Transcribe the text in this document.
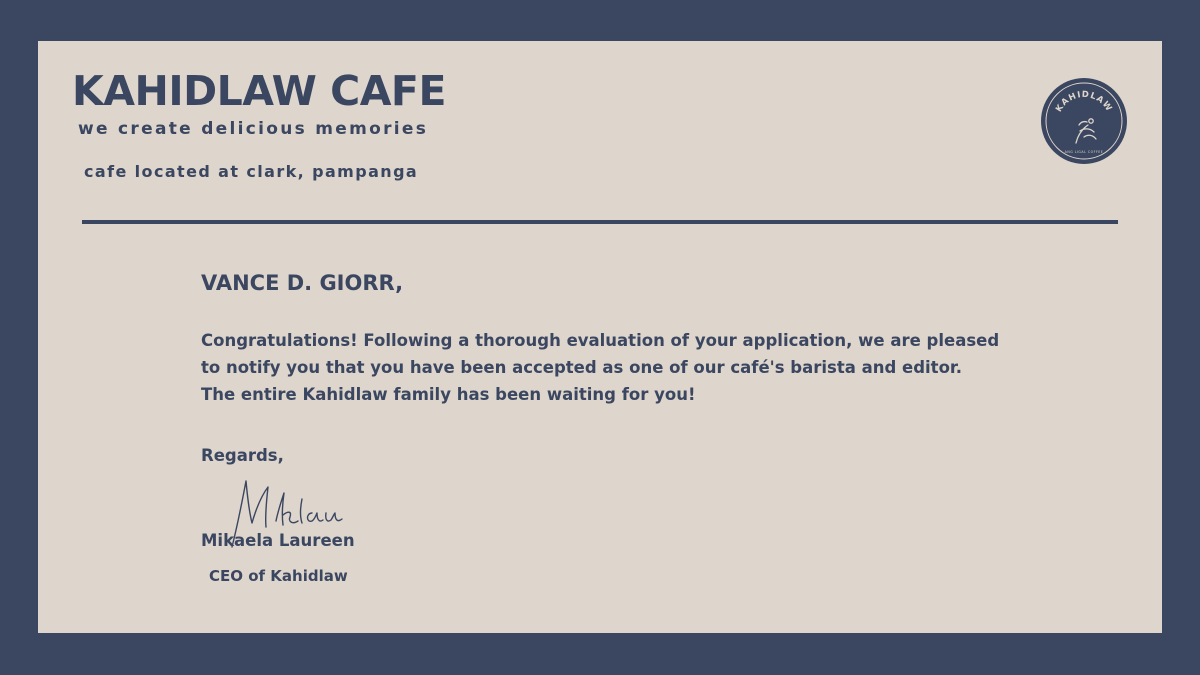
KAHIDLAW CAFE
we create delicious memories
cafe located at clark, pampanga
KAHIDLAW
ANG LIGAL COFFEE
VANCE D. GIORR,

Congratulations! Following a thorough evaluation of your application, we are pleased to notify you that you have been accepted as one of our café's barista and editor. The entire Kahidlaw family has been waiting for you!

Regards,
Mikaela Laureen
CEO of Kahidlaw
